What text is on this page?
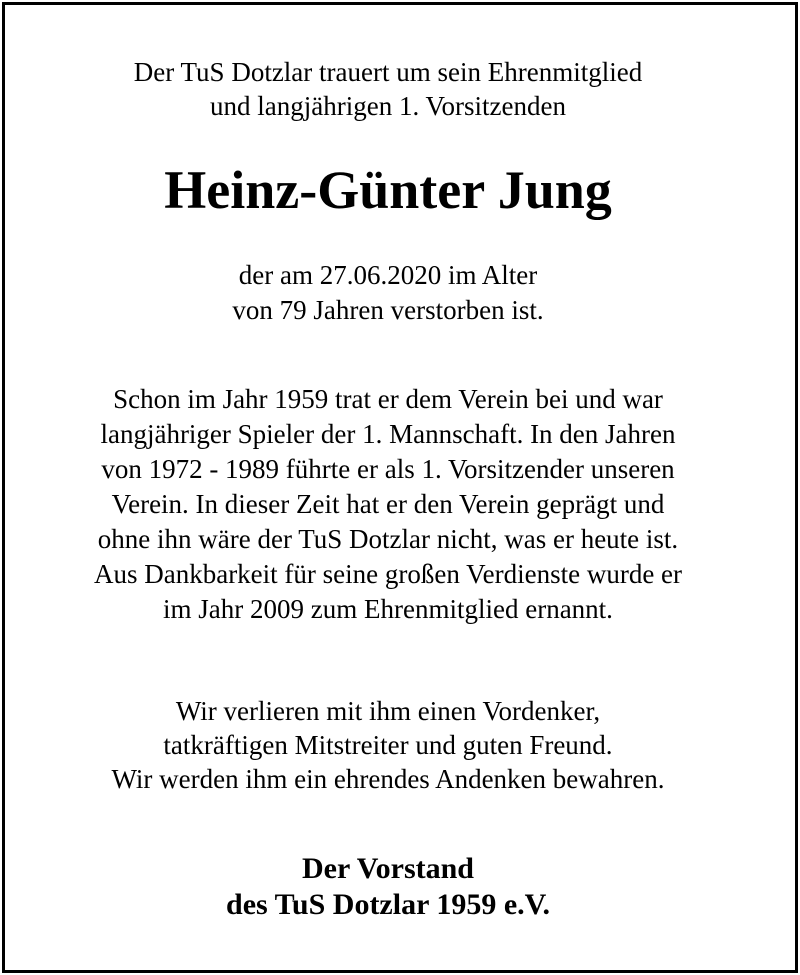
Der TuS Dotzlar trauert um sein Ehrenmitglied
und langjährigen 1. Vorsitzenden

Heinz-Günter Jung

der am 27.06.2020 im Alter
von 79 Jahren verstorben ist.

Schon im Jahr 1959 trat er dem Verein bei und war
langjähriger Spieler der 1. Mannschaft. In den Jahren
von 1972 - 1989 führte er als 1. Vorsitzender unseren
Verein. In dieser Zeit hat er den Verein geprägt und
ohne ihn wäre der TuS Dotzlar nicht, was er heute ist.
Aus Dankbarkeit für seine großen Verdienste wurde er
im Jahr 2009 zum Ehrenmitglied ernannt.

Wir verlieren mit ihm einen Vordenker,
tatkräftigen Mitstreiter und guten Freund.
Wir werden ihm ein ehrendes Andenken bewahren.

Der Vorstand
des TuS Dotzlar 1959 e.V.
